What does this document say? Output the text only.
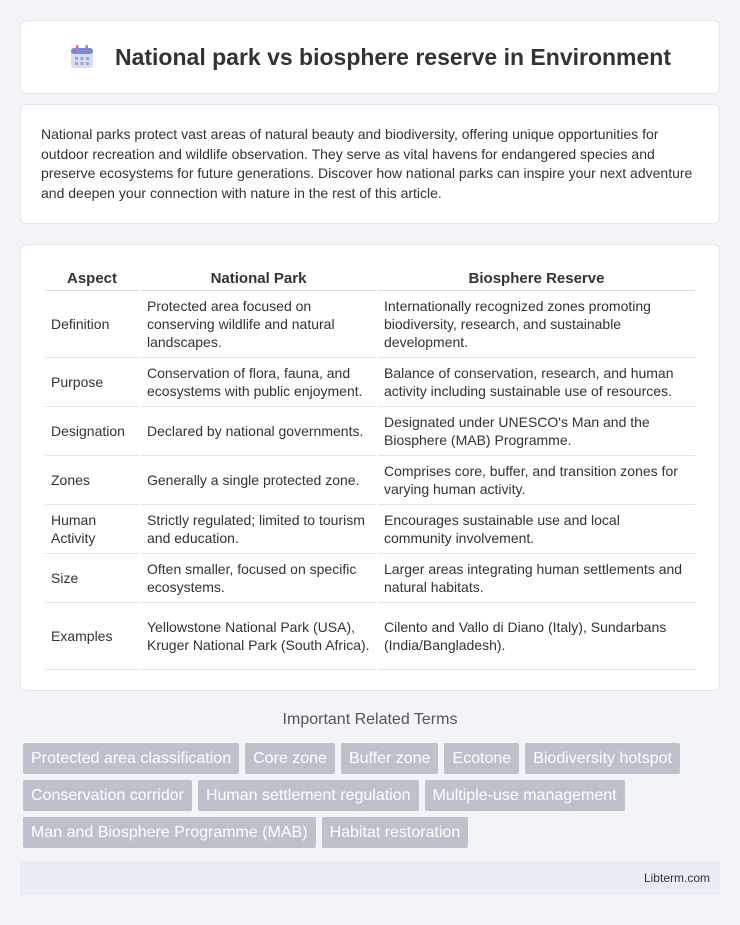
National park vs biosphere reserve in Environment

National parks protect vast areas of natural beauty and biodiversity, offering unique opportunities for outdoor recreation and wildlife observation. They serve as vital havens for endangered species and preserve ecosystems for future generations. Discover how national parks can inspire your next adventure and deepen your connection with nature in the rest of this article.

Aspect	National Park	Biosphere Reserve
Definition	Protected area focused on conserving wildlife and natural landscapes.	Internationally recognized zones promoting biodiversity, research, and sustainable development.
Purpose	Conservation of flora, fauna, and ecosystems with public enjoyment.	Balance of conservation, research, and human activity including sustainable use of resources.
Designation	Declared by national governments.	Designated under UNESCO's Man and the Biosphere (MAB) Programme.
Zones	Generally a single protected zone.	Comprises core, buffer, and transition zones for varying human activity.
Human Activity	Strictly regulated; limited to tourism and education.	Encourages sustainable use and local community involvement.
Size	Often smaller, focused on specific ecosystems.	Larger areas integrating human settlements and natural habitats.
Examples	Yellowstone National Park (USA), Kruger National Park (South Africa).	Cilento and Vallo di Diano (Italy), Sundarbans (India/Bangladesh).
Important Related Terms
Protected area classification	Core zone	Buffer zone	Ecotone	Biodiversity hotspot
Conservation corridor	Human settlement regulation	Multiple-use management
Man and Biosphere Programme (MAB)	Habitat restoration
Libterm.com
